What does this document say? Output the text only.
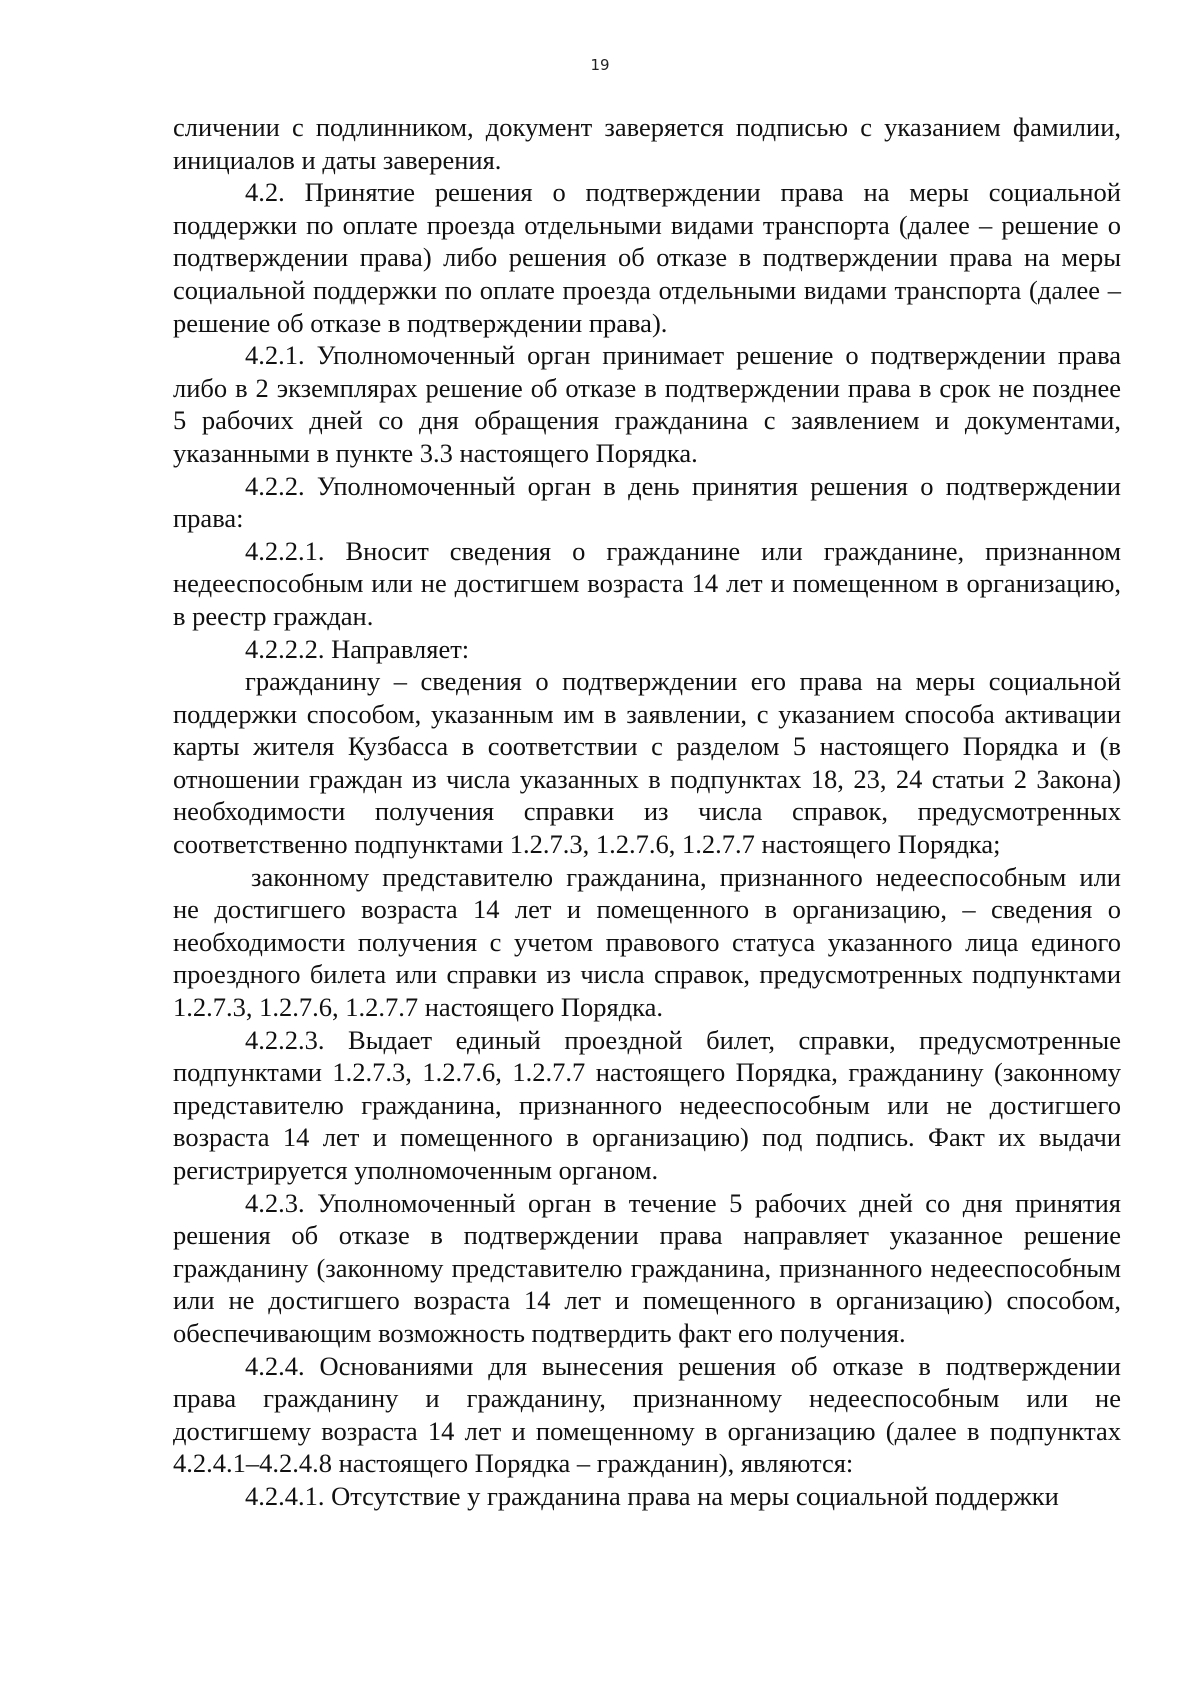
19

сличении с подлинником, документ заверяется подписью с указанием фамилии, инициалов и даты заверения.

4.2. Принятие решения о подтверждении права на меры социальной поддержки по оплате проезда отдельными видами транспорта (далее – решение о подтверждении права) либо решения об отказе в подтверждении права на меры социальной поддержки по оплате проезда отдельными видами транспорта (далее – решение об отказе в подтверждении права).

4.2.1. Уполномоченный орган принимает решение о подтверждении права либо в 2 экземплярах решение об отказе в подтверждении права в срок не позднее 5 рабочих дней со дня обращения гражданина с заявлением и документами, указанными в пункте 3.3 настоящего Порядка.

4.2.2. Уполномоченный орган в день принятия решения о подтверждении права:

4.2.2.1. Вносит сведения о гражданине или гражданине, признанном недееспособным или не достигшем возраста 14 лет и помещенном в организацию, в реестр граждан.

4.2.2.2. Направляет:

гражданину – сведения о подтверждении его права на меры социальной поддержки способом, указанным им в заявлении, с указанием способа активации карты жителя Кузбасса в соответствии с разделом 5 настоящего Порядка и (в отношении граждан из числа указанных в подпунктах 18, 23, 24 статьи 2 Закона) необходимости получения справки из числа справок, предусмотренных соответственно подпунктами 1.2.7.3, 1.2.7.6, 1.2.7.7 настоящего Порядка;

законному представителю гражданина, признанного недееспособным или не достигшего возраста 14 лет и помещенного в организацию, – сведения о необходимости получения с учетом правового статуса указанного лица единого проездного билета или справки из числа справок, предусмотренных подпунктами 1.2.7.3, 1.2.7.6, 1.2.7.7 настоящего Порядка.

4.2.2.3. Выдает единый проездной билет, справки, предусмотренные подпунктами 1.2.7.3, 1.2.7.6, 1.2.7.7 настоящего Порядка, гражданину (законному представителю гражданина, признанного недееспособным или не достигшего возраста 14 лет и помещенного в организацию) под подпись. Факт их выдачи регистрируется уполномоченным органом.

4.2.3. Уполномоченный орган в течение 5 рабочих дней со дня принятия решения об отказе в подтверждении права направляет указанное решение гражданину (законному представителю гражданина, признанного недееспособным или не достигшего возраста 14 лет и помещенного в организацию) способом, обеспечивающим возможность подтвердить факт его получения.

4.2.4. Основаниями для вынесения решения об отказе в подтверждении права гражданину и гражданину, признанному недееспособным или не достигшему возраста 14 лет и помещенному в организацию (далее в подпунктах 4.2.4.1–4.2.4.8 настоящего Порядка – гражданин), являются:

4.2.4.1. Отсутствие у гражданина права на меры социальной поддержки
